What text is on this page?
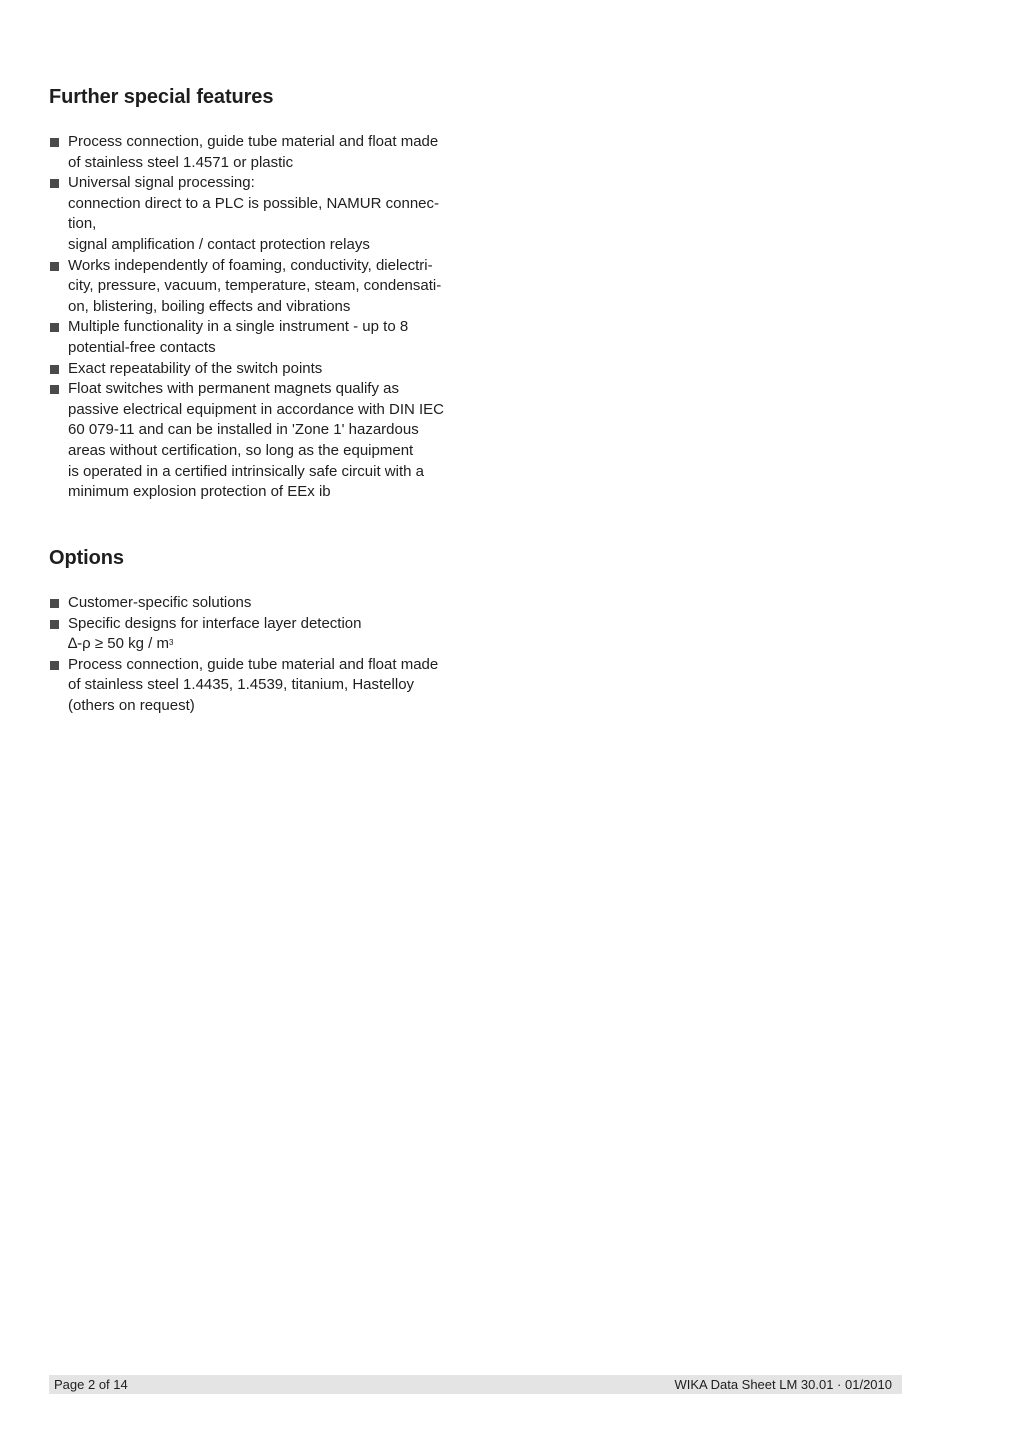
Further special features
Process connection, guide tube material and float made
of stainless steel 1.4571 or plastic
Universal signal processing:
connection direct to a PLC is possible, NAMUR connec-
tion,
signal amplification / contact protection relays
Works independently of foaming, conductivity, dielectri-
city, pressure, vacuum, temperature, steam, condensati-
on, blistering, boiling effects and vibrations
Multiple functionality in a single instrument - up to 8
potential-free contacts
Exact repeatability of the switch points
Float switches with permanent magnets qualify as
passive electrical equipment in accordance with DIN IEC
60 079-11 and can be installed in 'Zone 1' hazardous
areas without certification, so long as the equipment
is operated in a certified intrinsically safe circuit with a
minimum explosion protection of EEx ib
Options
Customer-specific solutions
Specific designs for interface layer detection
∆-ρ ≥ 50 kg / $m^3$
Process connection, guide tube material and float made
of stainless steel 1.4435, 1.4539, titanium, Hastelloy
(others on request)
Page 2 of 14	WIKA Data Sheet LM 30.01 · 01/2010
